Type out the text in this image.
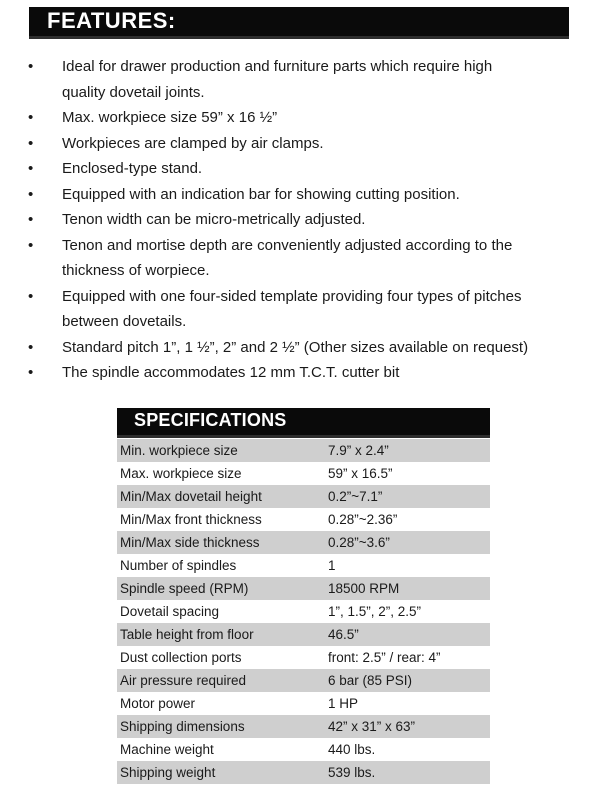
FEATURES:
• Ideal for drawer production and furniture parts which require high
quality dovetail joints.
• Max. workpiece size 59” x 16 ½”
• Workpieces are clamped by air clamps.
• Enclosed-type stand.
• Equipped with an indication bar for showing cutting position.
• Tenon width can be micro-metrically adjusted.
• Tenon and mortise depth are conveniently adjusted according to the
thickness of worpiece.
• Equipped with one four-sided template providing four types of pitches
between dovetails.
• Standard pitch 1”, 1 ½”, 2” and 2 ½” (Other sizes available on request)
• The spindle accommodates 12 mm T.C.T. cutter bit
SPECIFICATIONS
Min. workpiece size	7.9” x 2.4”
Max. workpiece size	59” x 16.5”
Min/Max dovetail height	0.2”~7.1”
Min/Max front thickness	0.28”~2.36”
Min/Max side thickness	0.28”~3.6”
Number of spindles	1
Spindle speed (RPM)	18500 RPM
Dovetail spacing	1”, 1.5”, 2”, 2.5”
Table height from floor	46.5”
Dust collection ports	front: 2.5” / rear: 4”
Air pressure required	6 bar (85 PSI)
Motor power	1 HP
Shipping dimensions	42” x 31” x 63”
Machine weight	440 lbs.
Shipping weight	539 lbs.
